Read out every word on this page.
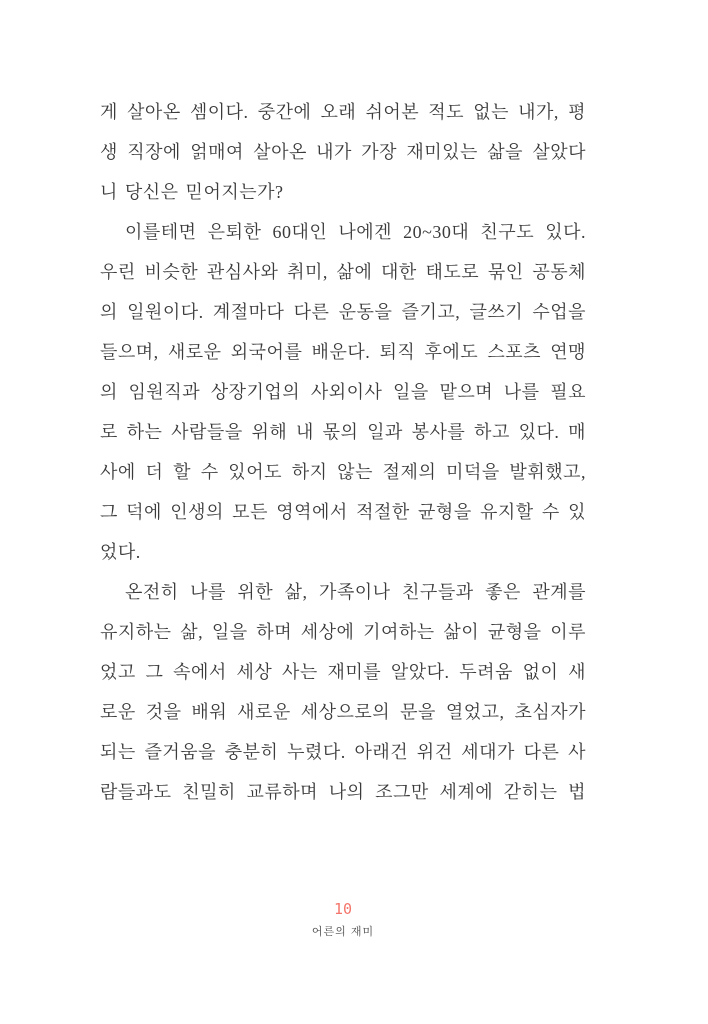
게 살아온 셈이다. 중간에 오래 쉬어본 적도 없는 내가, 평
생 직장에 얽매여 살아온 내가 가장 재미있는 삶을 살았다
니 당신은 믿어지는가?
이를테면 은퇴한 60대인 나에겐 20~30대 친구도 있다.
우린 비슷한 관심사와 취미, 삶에 대한 태도로 묶인 공동체
의 일원이다. 계절마다 다른 운동을 즐기고, 글쓰기 수업을
들으며, 새로운 외국어를 배운다. 퇴직 후에도 스포츠 연맹
의 임원직과 상장기업의 사외이사 일을 맡으며 나를 필요
로 하는 사람들을 위해 내 몫의 일과 봉사를 하고 있다. 매
사에 더 할 수 있어도 하지 않는 절제의 미덕을 발휘했고,
그 덕에 인생의 모든 영역에서 적절한 균형을 유지할 수 있
었다.
온전히 나를 위한 삶, 가족이나 친구들과 좋은 관계를
유지하는 삶, 일을 하며 세상에 기여하는 삶이 균형을 이루
었고 그 속에서 세상 사는 재미를 알았다. 두려움 없이 새
로운 것을 배워 새로운 세상으로의 문을 열었고, 초심자가
되는 즐거움을 충분히 누렸다. 아래건 위건 세대가 다른 사
람들과도 친밀히 교류하며 나의 조그만 세계에 갇히는 법
10
어른의 재미
